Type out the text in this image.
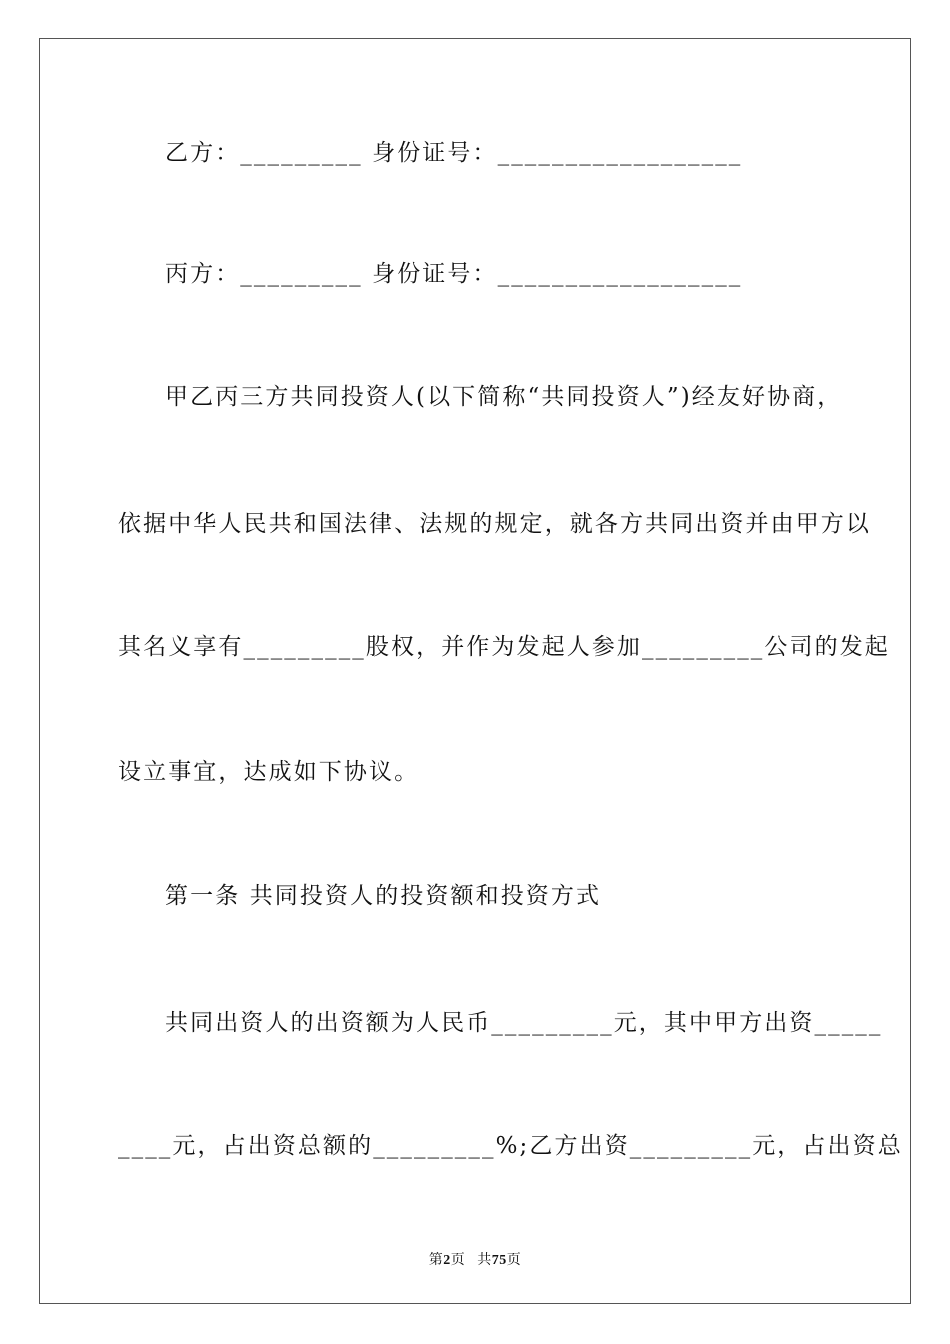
乙方：_________ 身份证号：__________________
丙方：_________ 身份证号：__________________
甲乙丙三方共同投资人(以下简称“共同投资人”)经友好协商，
依据中华人民共和国法律、法规的规定，就各方共同出资并由甲方以
其名义享有_________股权，并作为发起人参加_________公司的发起
设立事宜，达成如下协议。
第一条 共同投资人的投资额和投资方式
共同出资人的出资额为人民币_________元，其中甲方出资_____
____元，占出资总额的_________%;乙方出资_________元，占出资总
第2页 共75页
